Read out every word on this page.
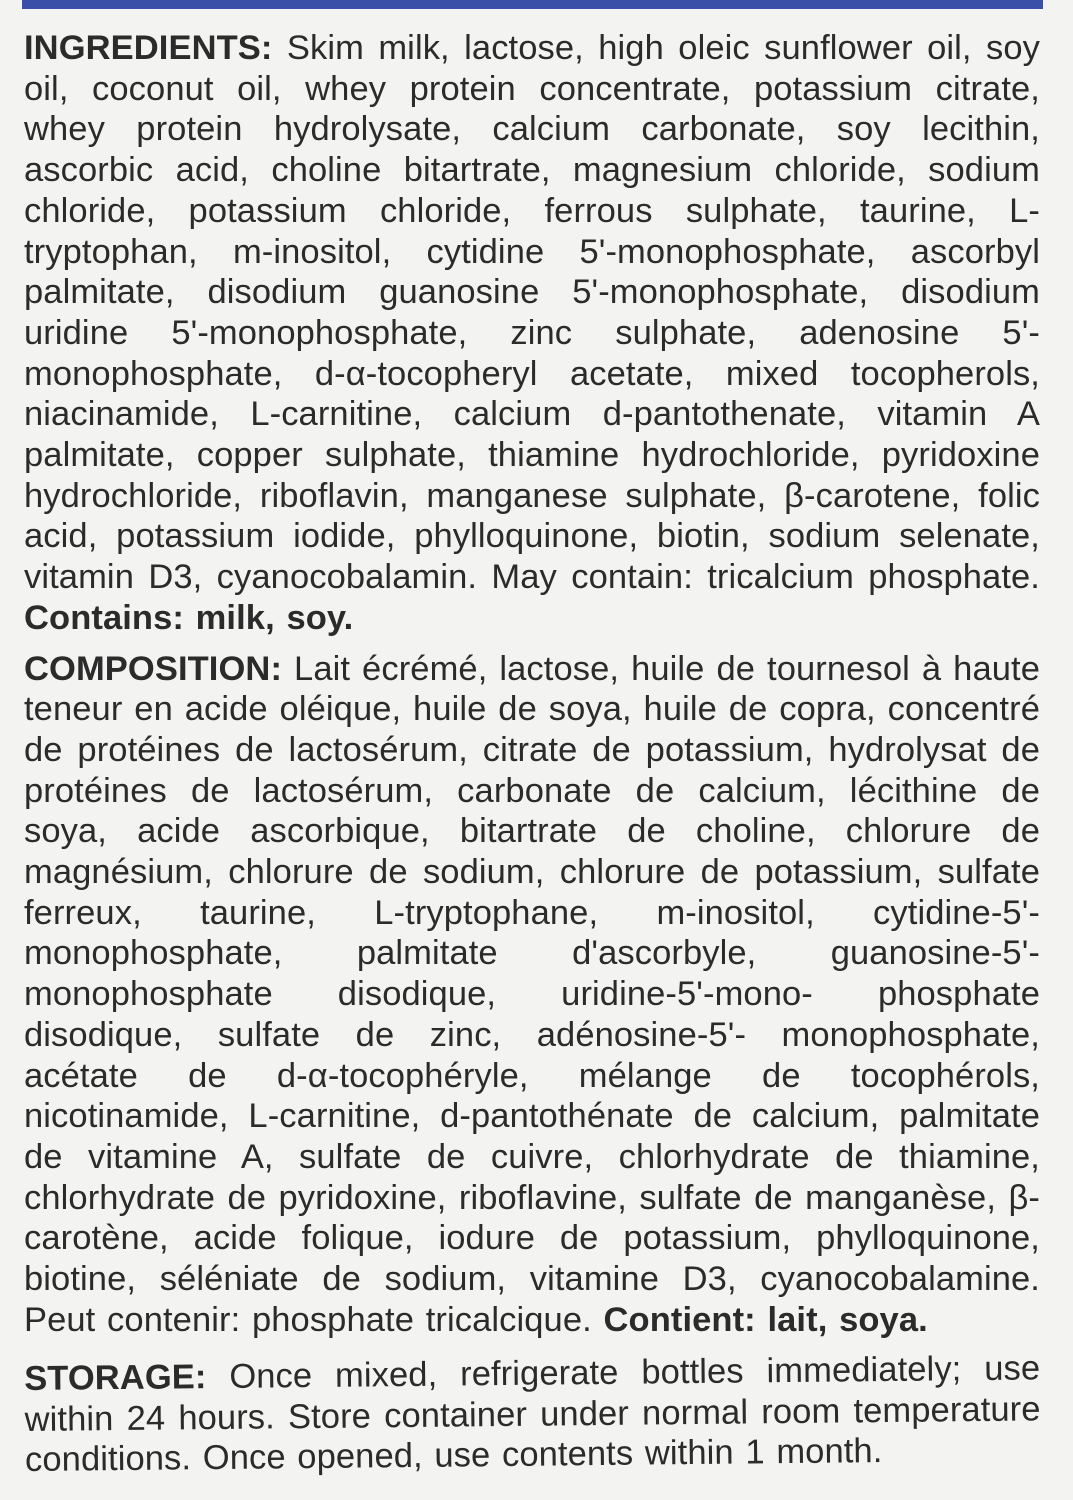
INGREDIENTS: Skim milk, lactose, high oleic sunflower oil, soy oil, coconut oil, whey protein concentrate, potassium citrate, whey protein hydrolysate, calcium carbonate, soy lecithin, ascorbic acid, choline bitartrate, magnesium chloride, sodium chloride, potassium chloride, ferrous sulphate, taurine, L-tryptophan, m-inositol, cytidine 5'-monophosphate, ascorbyl palmitate, disodium guanosine 5'-monophosphate, disodium uridine 5'-monophosphate, zinc sulphate, adenosine 5'-monophosphate, d-α-tocopheryl acetate, mixed tocopherols, niacinamide, L-carnitine, calcium d-pantothenate, vitamin A palmitate, copper sulphate, thiamine hydrochloride, pyridoxine hydrochloride, riboflavin, manganese sulphate, β-carotene, folic acid, potassium iodide, phylloquinone, biotin, sodium selenate, vitamin D3, cyanocobalamin. May contain: tricalcium phosphate. Contains: milk, soy.

COMPOSITION: Lait écrémé, lactose, huile de tournesol à haute teneur en acide oléique, huile de soya, huile de copra, concentré de protéines de lactosérum, citrate de potassium, hydrolysat de protéines de lactosérum, carbonate de calcium, lécithine de soya, acide ascorbique, bitartrate de choline, chlorure de magnésium, chlorure de sodium, chlorure de potassium, sulfate ferreux, taurine, L-tryptophane, m-inositol, cytidine-5'-monophosphate, palmitate d'ascorbyle, guanosine-5'-monophosphate disodique, uridine-5'-mono- phosphate disodique, sulfate de zinc, adénosine-5'- monophosphate, acétate de d-α-tocophéryle, mélange de tocophérols, nicotinamide, L-carnitine, d-pantothénate de calcium, palmitate de vitamine A, sulfate de cuivre, chlorhydrate de thiamine, chlorhydrate de pyridoxine, riboflavine, sulfate de manganèse, β-carotène, acide folique, iodure de potassium, phylloquinone, biotine, séléniate de sodium, vitamine D3, cyanocobalamine. Peut contenir: phosphate tricalcique. Contient: lait, soya.

STORAGE: Once mixed, refrigerate bottles immediately; use within 24 hours. Store container under normal room temperature conditions. Once opened, use contents within 1 month.
